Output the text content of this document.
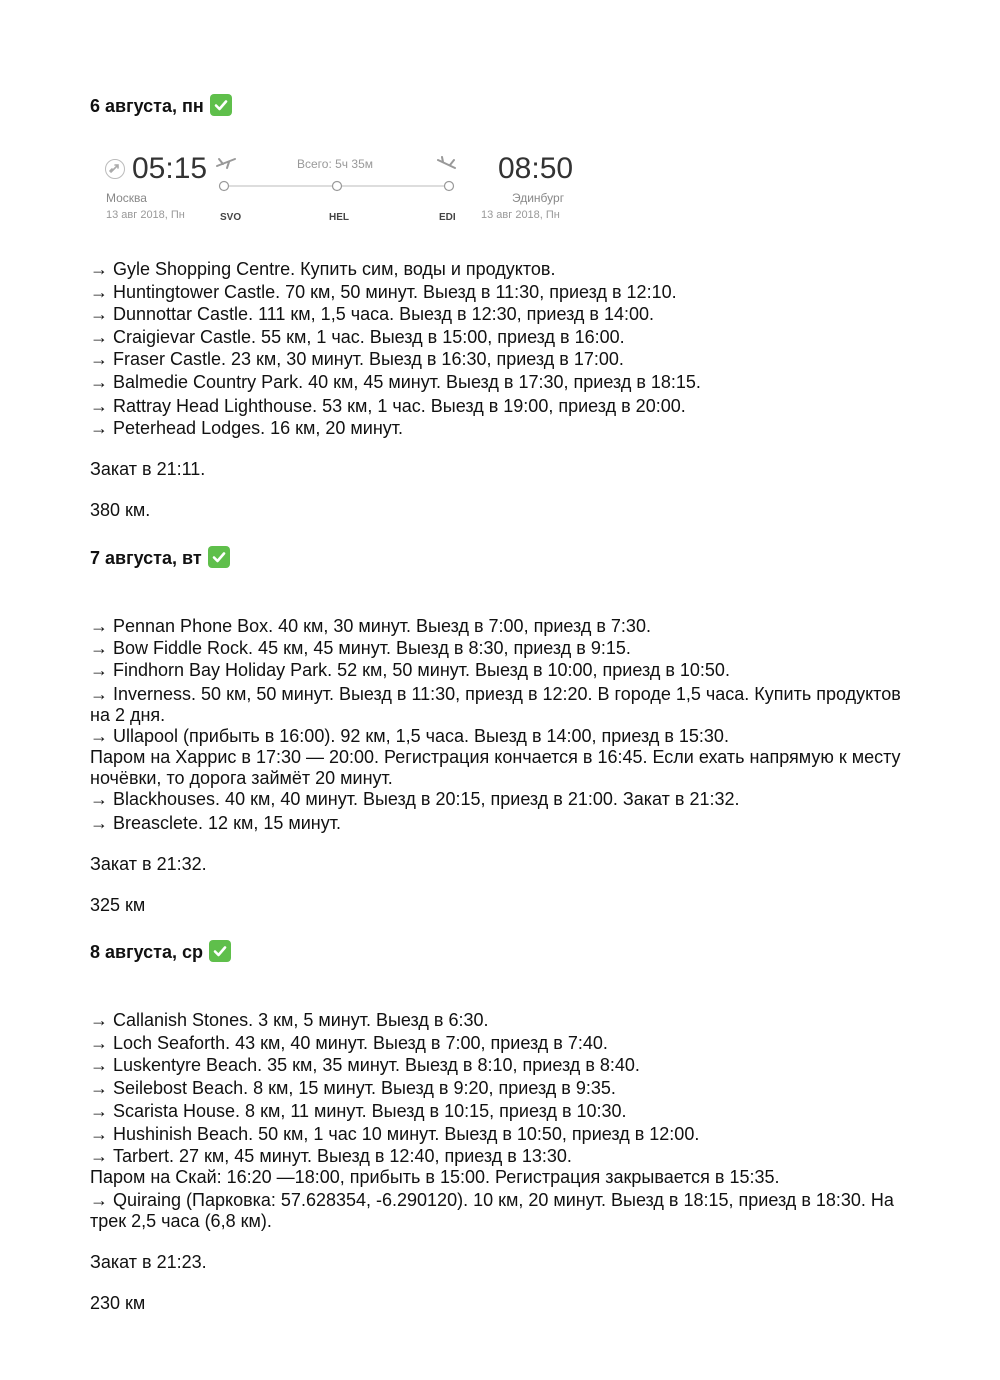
6 августа, пн
→ Gyle Shopping Centre. Купить сим, воды и продуктов.
→ Huntingtower Castle. 70 км, 50 минут. Выезд в 11:30, приезд в 12:10.
→ Dunnottar Castle. 111 км, 1,5 часа. Выезд в 12:30, приезд в 14:00.
→ Craigievar Castle. 55 км, 1 час. Выезд в 15:00, приезд в 16:00.
→ Fraser Castle. 23 км, 30 минут. Выезд в 16:30, приезд в 17:00.
→ Balmedie Country Park. 40 км, 45 минут. Выезд в 17:30, приезд в 18:15.
→ Rattray Head Lighthouse. 53 км, 1 час. Выезд в 19:00, приезд в 20:00.
→ Peterhead Lodges. 16 км, 20 минут.
Закат в 21:11.
380 км.
7 августа, вт
→ Pennan Phone Box. 40 км, 30 минут. Выезд в 7:00, приезд в 7:30.
→ Bow Fiddle Rock. 45 км, 45 минут. Выезд в 8:30, приезд в 9:15.
→ Findhorn Bay Holiday Park. 52 км, 50 минут. Выезд в 10:00, приезд в 10:50.
→ Inverness. 50 км, 50 минут. Выезд в 11:30, приезд в 12:20. В городе 1,5 часа. Купить продуктов на 2 дня.
→ Ullapool (прибыть в 16:00). 92 км, 1,5 часа. Выезд в 14:00, приезд в 15:30.
Паром на Харрис в 17:30 — 20:00. Регистрация кончается в 16:45. Если ехать напрямую к месту ночёвки, то дорога займёт 20 минут.
→ Blackhouses. 40 км, 40 минут. Выезд в 20:15, приезд в 21:00. Закат в 21:32.
→ Breasclete. 12 км, 15 минут.
Закат в 21:32.
325 км
8 августа, ср
→ Callanish Stones. 3 км, 5 минут. Выезд в 6:30.
→ Loch Seaforth. 43 км, 40 минут. Выезд в 7:00, приезд в 7:40.
→ Luskentyre Beach. 35 км, 35 минут. Выезд в 8:10, приезд в 8:40.
→ Seilebost Beach. 8 км, 15 минут. Выезд в 9:20, приезд в 9:35.
→ Scarista House. 8 км, 11 минут. Выезд в 10:15, приезд в 10:30.
→ Hushinish Beach. 50 км, 1 час 10 минут. Выезд в 10:50, приезд в 12:00.
→ Tarbert. 27 км, 45 минут. Выезд в 12:40, приезд в 13:30.
Паром на Скай: 16:20 —18:00, прибыть в 15:00. Регистрация закрывается в 15:35.
→ Quiraing (Парковка: 57.628354, -6.290120). 10 км, 20 минут. Выезд в 18:15, приезд в 18:30. На трек 2,5 часа (6,8 км).
Закат в 21:23.
230 км
05:15	08:50
Всего: 5ч 35м
Москва	Эдинбург
13 авг 2018, Пн	13 авг 2018, Пн
SVO	HEL	EDI
